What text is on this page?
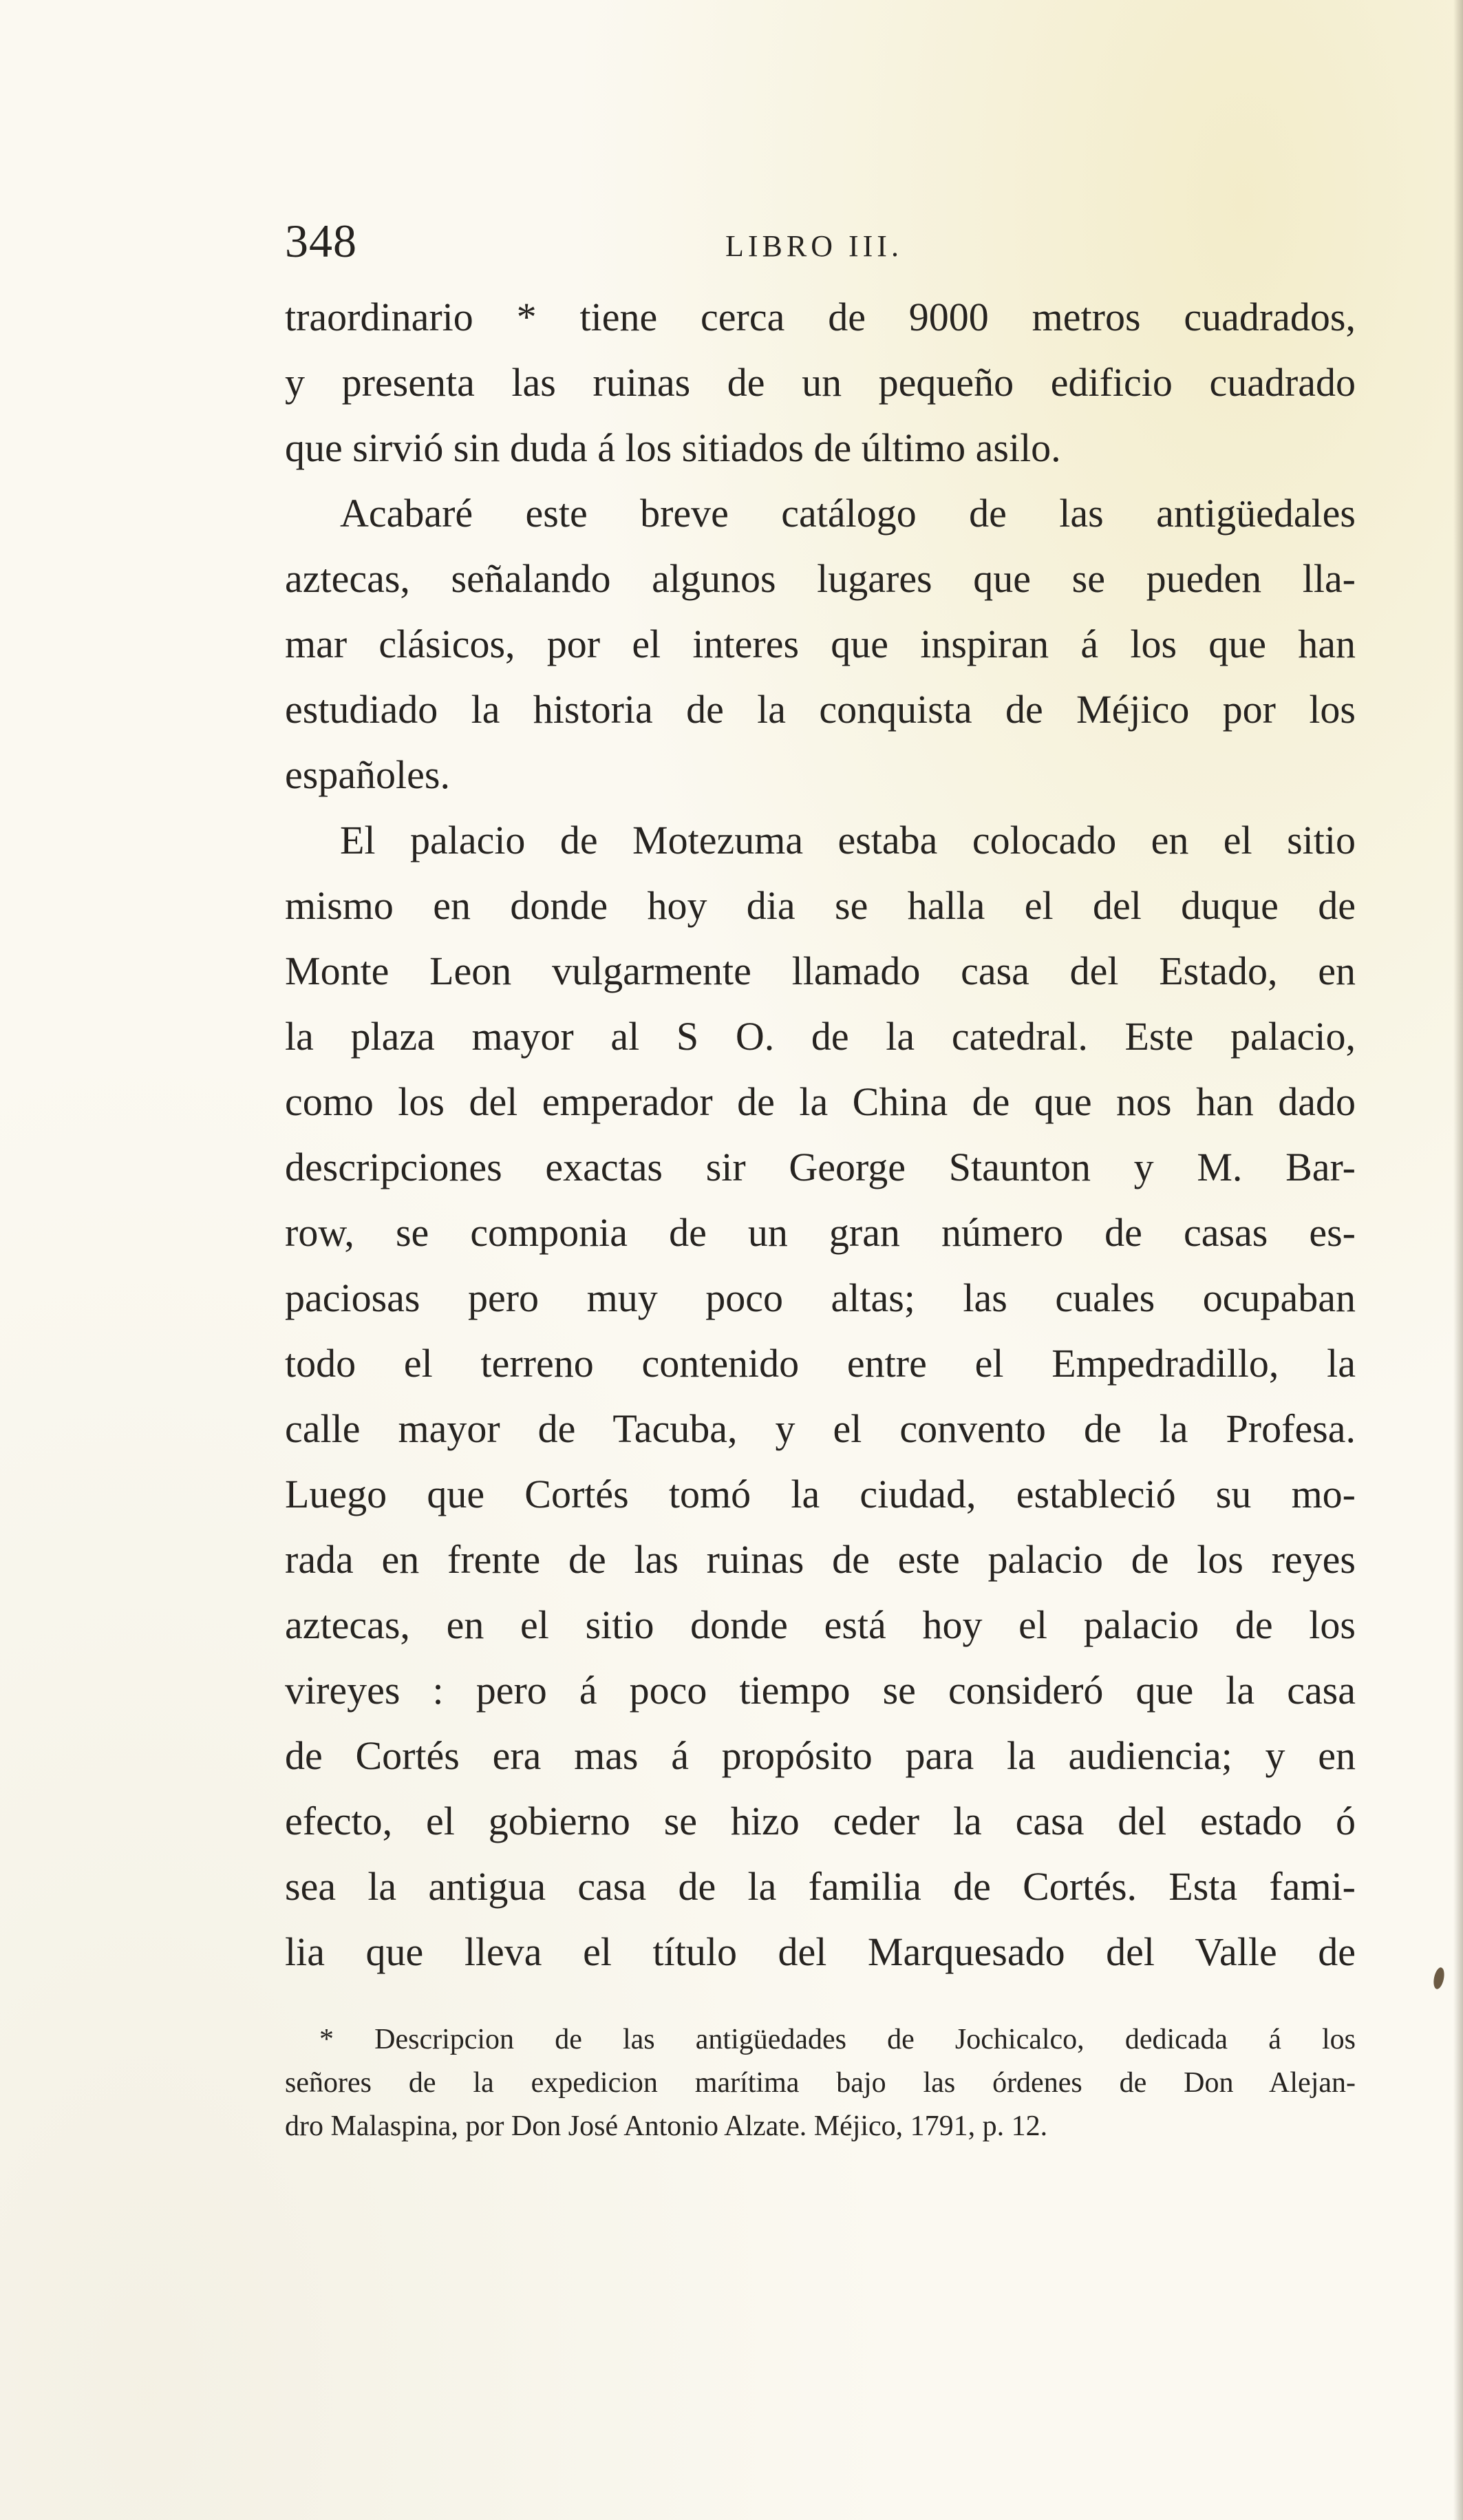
348	LIBRO III.
traordinario * tiene cerca de 9000 metros cuadrados,
y presenta las ruinas de un pequeño edificio cuadrado
que sirvió sin duda á los sitiados de último asilo.
Acabaré este breve catálogo de las antigüedales
aztecas, señalando algunos lugares que se pueden lla-
mar clásicos, por el interes que inspiran á los que han
estudiado la historia de la conquista de Méjico por los
españoles.
El palacio de Motezuma estaba colocado en el sitio
mismo en donde hoy dia se halla el del duque de
Monte Leon vulgarmente llamado casa del Estado, en
la plaza mayor al S O. de la catedral. Este palacio,
como los del emperador de la China de que nos han dado
descripciones exactas sir George Staunton y M. Bar-
row, se componia de un gran número de casas es-
paciosas pero muy poco altas; las cuales ocupaban
todo el terreno contenido entre el Empedradillo, la
calle mayor de Tacuba, y el convento de la Profesa.
Luego que Cortés tomó la ciudad, estableció su mo-
rada en frente de las ruinas de este palacio de los reyes
aztecas, en el sitio donde está hoy el palacio de los
vireyes : pero á poco tiempo se consideró que la casa
de Cortés era mas á propósito para la audiencia; y en
efecto, el gobierno se hizo ceder la casa del estado ó
sea la antigua casa de la familia de Cortés. Esta fami-
lia que lleva el título del Marquesado del Valle de
* Descripcion de las antigüedades de Jochicalco, dedicada á los
señores de la expedicion marítima bajo las órdenes de Don Alejan-
dro Malaspina, por Don José Antonio Alzate. Méjico, 1791, p. 12.
